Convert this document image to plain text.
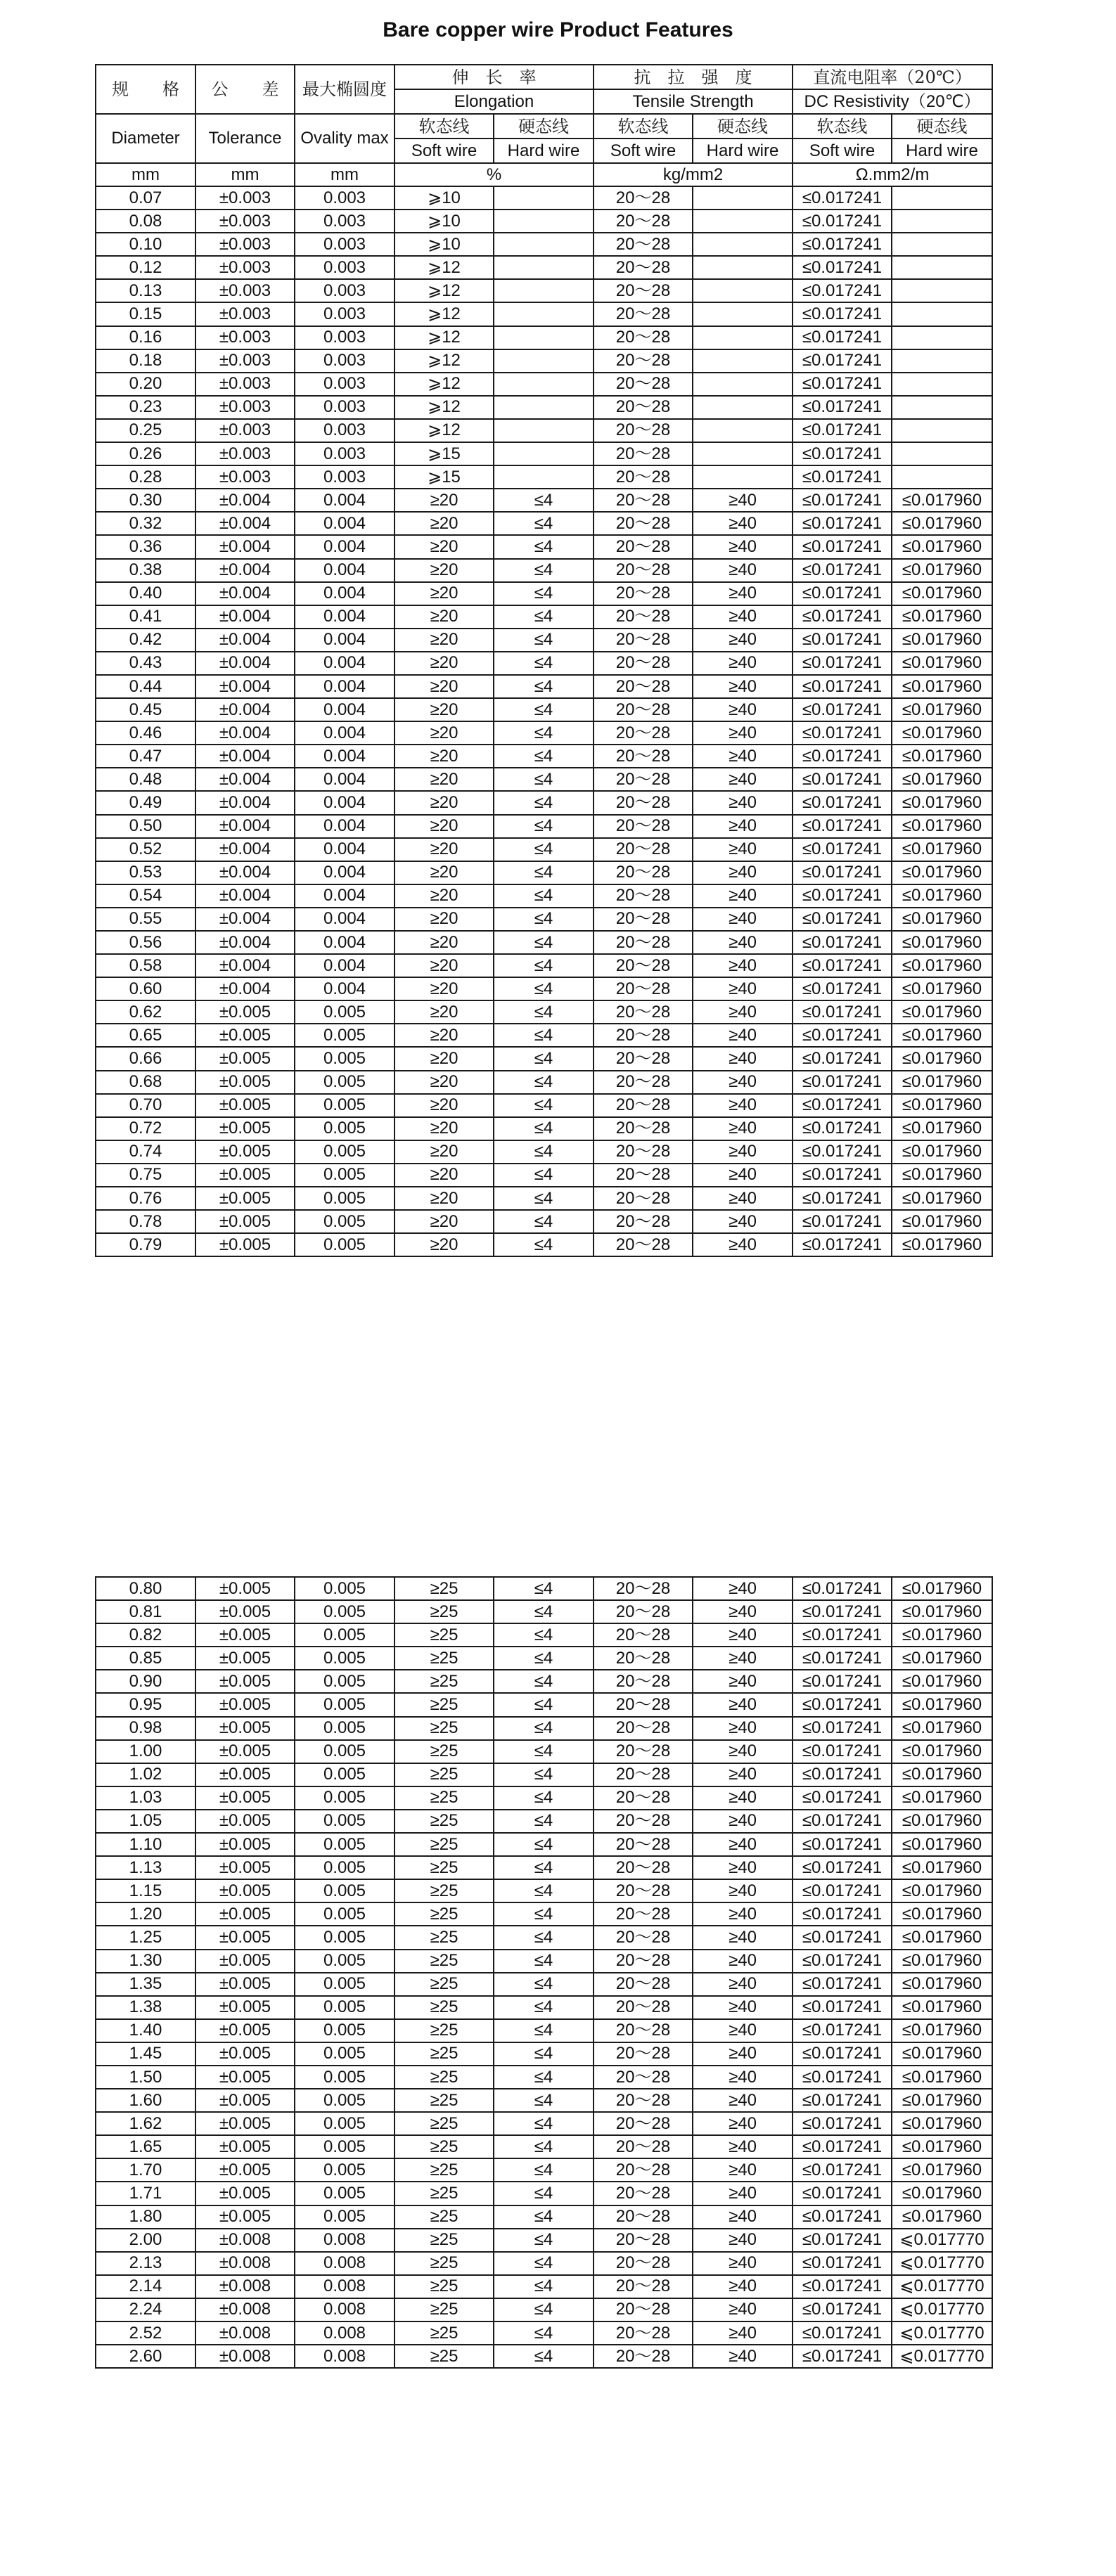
Bare copper wire Product Features
规　　格	公　　差	最大椭圆度	伸　长　率		抗　拉　强　度		直流电阻率（20℃）	
			Elongation		Tensile Strength		DC Resistivity（20℃）	
Diameter	Tolerance	Ovality max	软态线	硬态线	软态线	硬态线	软态线	硬态线
			Soft wire	Hard wire	Soft wire	Hard wire	Soft wire	Hard wire
mm	mm	mm	%		kg/mm2		Ω.mm2/m	
0.07	±0.003	0.003	⩾10		20～28		≤0.017241	
0.08	±0.003	0.003	⩾10		20～28		≤0.017241	
0.10	±0.003	0.003	⩾10		20～28		≤0.017241	
0.12	±0.003	0.003	⩾12		20～28		≤0.017241	
0.13	±0.003	0.003	⩾12		20～28		≤0.017241	
0.15	±0.003	0.003	⩾12		20～28		≤0.017241	
0.16	±0.003	0.003	⩾12		20～28		≤0.017241	
0.18	±0.003	0.003	⩾12		20～28		≤0.017241	
0.20	±0.003	0.003	⩾12		20～28		≤0.017241	
0.23	±0.003	0.003	⩾12		20～28		≤0.017241	
0.25	±0.003	0.003	⩾12		20～28		≤0.017241	
0.26	±0.003	0.003	⩾15		20～28		≤0.017241	
0.28	±0.003	0.003	⩾15		20～28		≤0.017241	
0.30	±0.004	0.004	≥20	≤4	20～28	≥40	≤0.017241	≤0.017960
0.32	±0.004	0.004	≥20	≤4	20～28	≥40	≤0.017241	≤0.017960
0.36	±0.004	0.004	≥20	≤4	20～28	≥40	≤0.017241	≤0.017960
0.38	±0.004	0.004	≥20	≤4	20～28	≥40	≤0.017241	≤0.017960
0.40	±0.004	0.004	≥20	≤4	20～28	≥40	≤0.017241	≤0.017960
0.41	±0.004	0.004	≥20	≤4	20～28	≥40	≤0.017241	≤0.017960
0.42	±0.004	0.004	≥20	≤4	20～28	≥40	≤0.017241	≤0.017960
0.43	±0.004	0.004	≥20	≤4	20～28	≥40	≤0.017241	≤0.017960
0.44	±0.004	0.004	≥20	≤4	20～28	≥40	≤0.017241	≤0.017960
0.45	±0.004	0.004	≥20	≤4	20～28	≥40	≤0.017241	≤0.017960
0.46	±0.004	0.004	≥20	≤4	20～28	≥40	≤0.017241	≤0.017960
0.47	±0.004	0.004	≥20	≤4	20～28	≥40	≤0.017241	≤0.017960
0.48	±0.004	0.004	≥20	≤4	20～28	≥40	≤0.017241	≤0.017960
0.49	±0.004	0.004	≥20	≤4	20～28	≥40	≤0.017241	≤0.017960
0.50	±0.004	0.004	≥20	≤4	20～28	≥40	≤0.017241	≤0.017960
0.52	±0.004	0.004	≥20	≤4	20～28	≥40	≤0.017241	≤0.017960
0.53	±0.004	0.004	≥20	≤4	20～28	≥40	≤0.017241	≤0.017960
0.54	±0.004	0.004	≥20	≤4	20～28	≥40	≤0.017241	≤0.017960
0.55	±0.004	0.004	≥20	≤4	20～28	≥40	≤0.017241	≤0.017960
0.56	±0.004	0.004	≥20	≤4	20～28	≥40	≤0.017241	≤0.017960
0.58	±0.004	0.004	≥20	≤4	20～28	≥40	≤0.017241	≤0.017960
0.60	±0.004	0.004	≥20	≤4	20～28	≥40	≤0.017241	≤0.017960
0.62	±0.005	0.005	≥20	≤4	20～28	≥40	≤0.017241	≤0.017960
0.65	±0.005	0.005	≥20	≤4	20～28	≥40	≤0.017241	≤0.017960
0.66	±0.005	0.005	≥20	≤4	20～28	≥40	≤0.017241	≤0.017960
0.68	±0.005	0.005	≥20	≤4	20～28	≥40	≤0.017241	≤0.017960
0.70	±0.005	0.005	≥20	≤4	20～28	≥40	≤0.017241	≤0.017960
0.72	±0.005	0.005	≥20	≤4	20～28	≥40	≤0.017241	≤0.017960
0.74	±0.005	0.005	≥20	≤4	20～28	≥40	≤0.017241	≤0.017960
0.75	±0.005	0.005	≥20	≤4	20～28	≥40	≤0.017241	≤0.017960
0.76	±0.005	0.005	≥20	≤4	20～28	≥40	≤0.017241	≤0.017960
0.78	±0.005	0.005	≥20	≤4	20～28	≥40	≤0.017241	≤0.017960
0.79	±0.005	0.005	≥20	≤4	20～28	≥40	≤0.017241	≤0.017960
0.80	±0.005	0.005	≥25	≤4	20～28	≥40	≤0.017241	≤0.017960
0.81	±0.005	0.005	≥25	≤4	20～28	≥40	≤0.017241	≤0.017960
0.82	±0.005	0.005	≥25	≤4	20～28	≥40	≤0.017241	≤0.017960
0.85	±0.005	0.005	≥25	≤4	20～28	≥40	≤0.017241	≤0.017960
0.90	±0.005	0.005	≥25	≤4	20～28	≥40	≤0.017241	≤0.017960
0.95	±0.005	0.005	≥25	≤4	20～28	≥40	≤0.017241	≤0.017960
0.98	±0.005	0.005	≥25	≤4	20～28	≥40	≤0.017241	≤0.017960
1.00	±0.005	0.005	≥25	≤4	20～28	≥40	≤0.017241	≤0.017960
1.02	±0.005	0.005	≥25	≤4	20～28	≥40	≤0.017241	≤0.017960
1.03	±0.005	0.005	≥25	≤4	20～28	≥40	≤0.017241	≤0.017960
1.05	±0.005	0.005	≥25	≤4	20～28	≥40	≤0.017241	≤0.017960
1.10	±0.005	0.005	≥25	≤4	20～28	≥40	≤0.017241	≤0.017960
1.13	±0.005	0.005	≥25	≤4	20～28	≥40	≤0.017241	≤0.017960
1.15	±0.005	0.005	≥25	≤4	20～28	≥40	≤0.017241	≤0.017960
1.20	±0.005	0.005	≥25	≤4	20～28	≥40	≤0.017241	≤0.017960
1.25	±0.005	0.005	≥25	≤4	20～28	≥40	≤0.017241	≤0.017960
1.30	±0.005	0.005	≥25	≤4	20～28	≥40	≤0.017241	≤0.017960
1.35	±0.005	0.005	≥25	≤4	20～28	≥40	≤0.017241	≤0.017960
1.38	±0.005	0.005	≥25	≤4	20～28	≥40	≤0.017241	≤0.017960
1.40	±0.005	0.005	≥25	≤4	20～28	≥40	≤0.017241	≤0.017960
1.45	±0.005	0.005	≥25	≤4	20～28	≥40	≤0.017241	≤0.017960
1.50	±0.005	0.005	≥25	≤4	20～28	≥40	≤0.017241	≤0.017960
1.60	±0.005	0.005	≥25	≤4	20～28	≥40	≤0.017241	≤0.017960
1.62	±0.005	0.005	≥25	≤4	20～28	≥40	≤0.017241	≤0.017960
1.65	±0.005	0.005	≥25	≤4	20～28	≥40	≤0.017241	≤0.017960
1.70	±0.005	0.005	≥25	≤4	20～28	≥40	≤0.017241	≤0.017960
1.71	±0.005	0.005	≥25	≤4	20～28	≥40	≤0.017241	≤0.017960
1.80	±0.005	0.005	≥25	≤4	20～28	≥40	≤0.017241	≤0.017960
2.00	±0.008	0.008	≥25	≤4	20～28	≥40	≤0.017241	⩽0.017770
2.13	±0.008	0.008	≥25	≤4	20～28	≥40	≤0.017241	⩽0.017770
2.14	±0.008	0.008	≥25	≤4	20～28	≥40	≤0.017241	⩽0.017770
2.24	±0.008	0.008	≥25	≤4	20～28	≥40	≤0.017241	⩽0.017770
2.52	±0.008	0.008	≥25	≤4	20～28	≥40	≤0.017241	⩽0.017770
2.60	±0.008	0.008	≥25	≤4	20～28	≥40	≤0.017241	⩽0.017770
